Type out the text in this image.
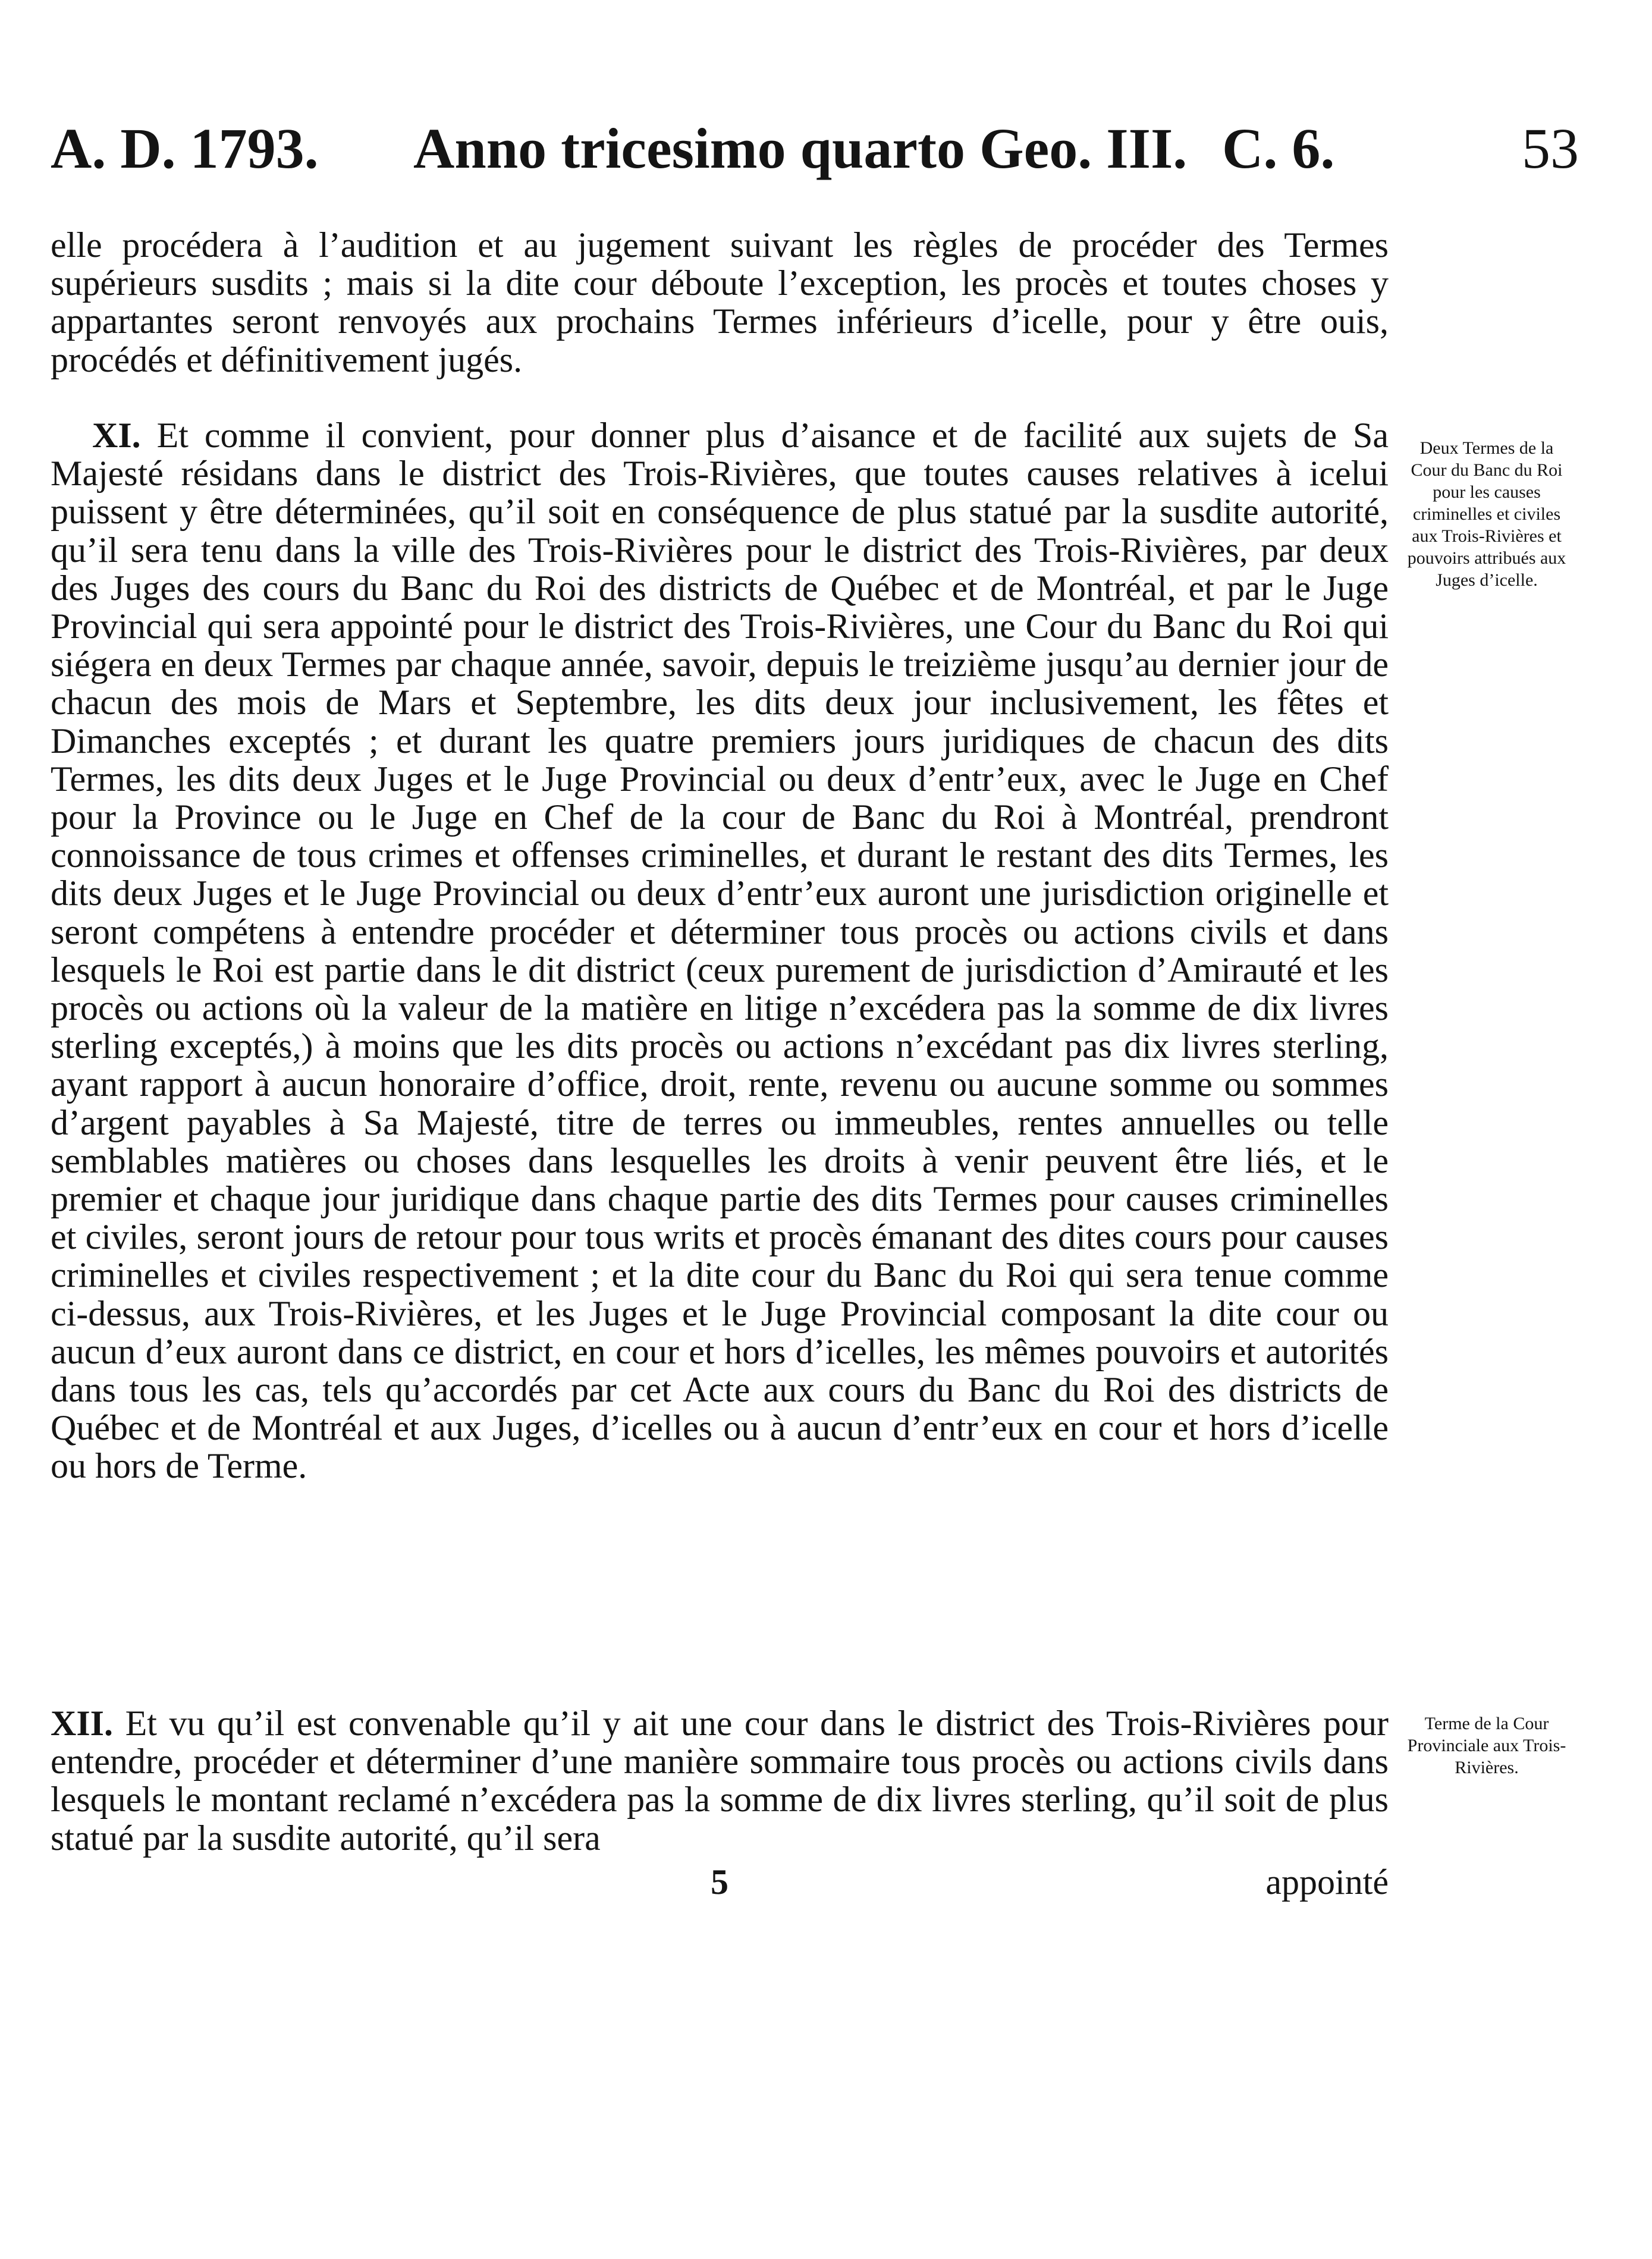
A. D. 1793. Anno tricesimo quarto Geo. III. C. 6.	53

elle procédera à l’audition et au jugement suivant les règles de procéder des Termes supérieurs susdits ; mais si la dite cour déboute l’exception, les procès et toutes choses y appartantes seront renvoyés aux prochains Termes inférieurs d’icelle, pour y être ouis, procédés et définitivement jugés.

XI. Et comme il convient, pour donner plus d’aisance et de facilité aux sujets de Sa Majesté résidans dans le district des Trois-Rivières, que toutes causes relatives à icelui puissent y être déterminées, qu’il soit en conséquence de plus statué par la susdite autorité, qu’il sera tenu dans la ville des Trois-Rivières pour le district des Trois-Rivières, par deux des Juges des cours du Banc du Roi des districts de Québec et de Montréal, et par le Juge Provincial qui sera appointé pour le district des Trois-Rivières, une Cour du Banc du Roi qui siégera en deux Termes par chaque année, savoir, depuis le treizième jusqu’au dernier jour de chacun des mois de Mars et Septembre, les dits deux jour inclusivement, les fêtes et Dimanches exceptés ; et durant les quatre premiers jours juridiques de chacun des dits Termes, les dits deux Juges et le Juge Provincial ou deux d’entr’eux, avec le Juge en Chef pour la Province ou le Juge en Chef de la cour de Banc du Roi à Montréal, prendront connoissance de tous crimes et offenses criminelles, et durant le restant des dits Termes, les dits deux Juges et le Juge Provincial ou deux d’entr’eux auront une jurisdiction originelle et seront compétens à entendre procéder et déterminer tous procès ou actions civils et dans lesquels le Roi est partie dans le dit district (ceux purement de jurisdiction d’Amirauté et les procès ou actions où la valeur de la matière en litige n’excédera pas la somme de dix livres sterling exceptés,) à moins que les dits procès ou actions n’excédant pas dix livres sterling, ayant rapport à aucun honoraire d’office, droit, rente, revenu ou aucune somme ou sommes d’argent payables à Sa Majesté, titre de terres ou immeubles, rentes annuelles ou telle semblables matières ou choses dans lesquelles les droits à venir peuvent être liés, et le premier et chaque jour juridique dans chaque partie des dits Termes pour causes criminelles et civiles, seront jours de retour pour tous writs et procès émanant des dites cours pour causes criminelles et civiles respectivement ; et la dite cour du Banc du Roi qui sera tenue comme ci-dessus, aux Trois-Rivières, et les Juges et le Juge Provincial composant la dite cour ou aucun d’eux auront dans ce district, en cour et hors d’icelles, les mêmes pouvoirs et autorités dans tous les cas, tels qu’accordés par cet Acte aux cours du Banc du Roi des districts de Québec et de Montréal et aux Juges, d’icelles ou à aucun d’entr’eux en cour et hors d’icelle ou hors de Terme.

Deux Termes de la Cour du Banc du Roi pour les causes criminelles et civiles aux Trois-Rivières et pouvoirs attribués aux Juges d’icelle.

XII. Et vu qu’il est convenable qu’il y ait une cour dans le district des Trois-Rivières pour entendre, procéder et déterminer d’une manière sommaire tous procès ou actions civils dans lesquels le montant reclamé n’excédera pas la somme de dix livres sterling, qu’il soit de plus statué par la susdite autorité, qu’il sera

Terme de la Cour Provinciale aux Trois-Rivières.

5	appointé
